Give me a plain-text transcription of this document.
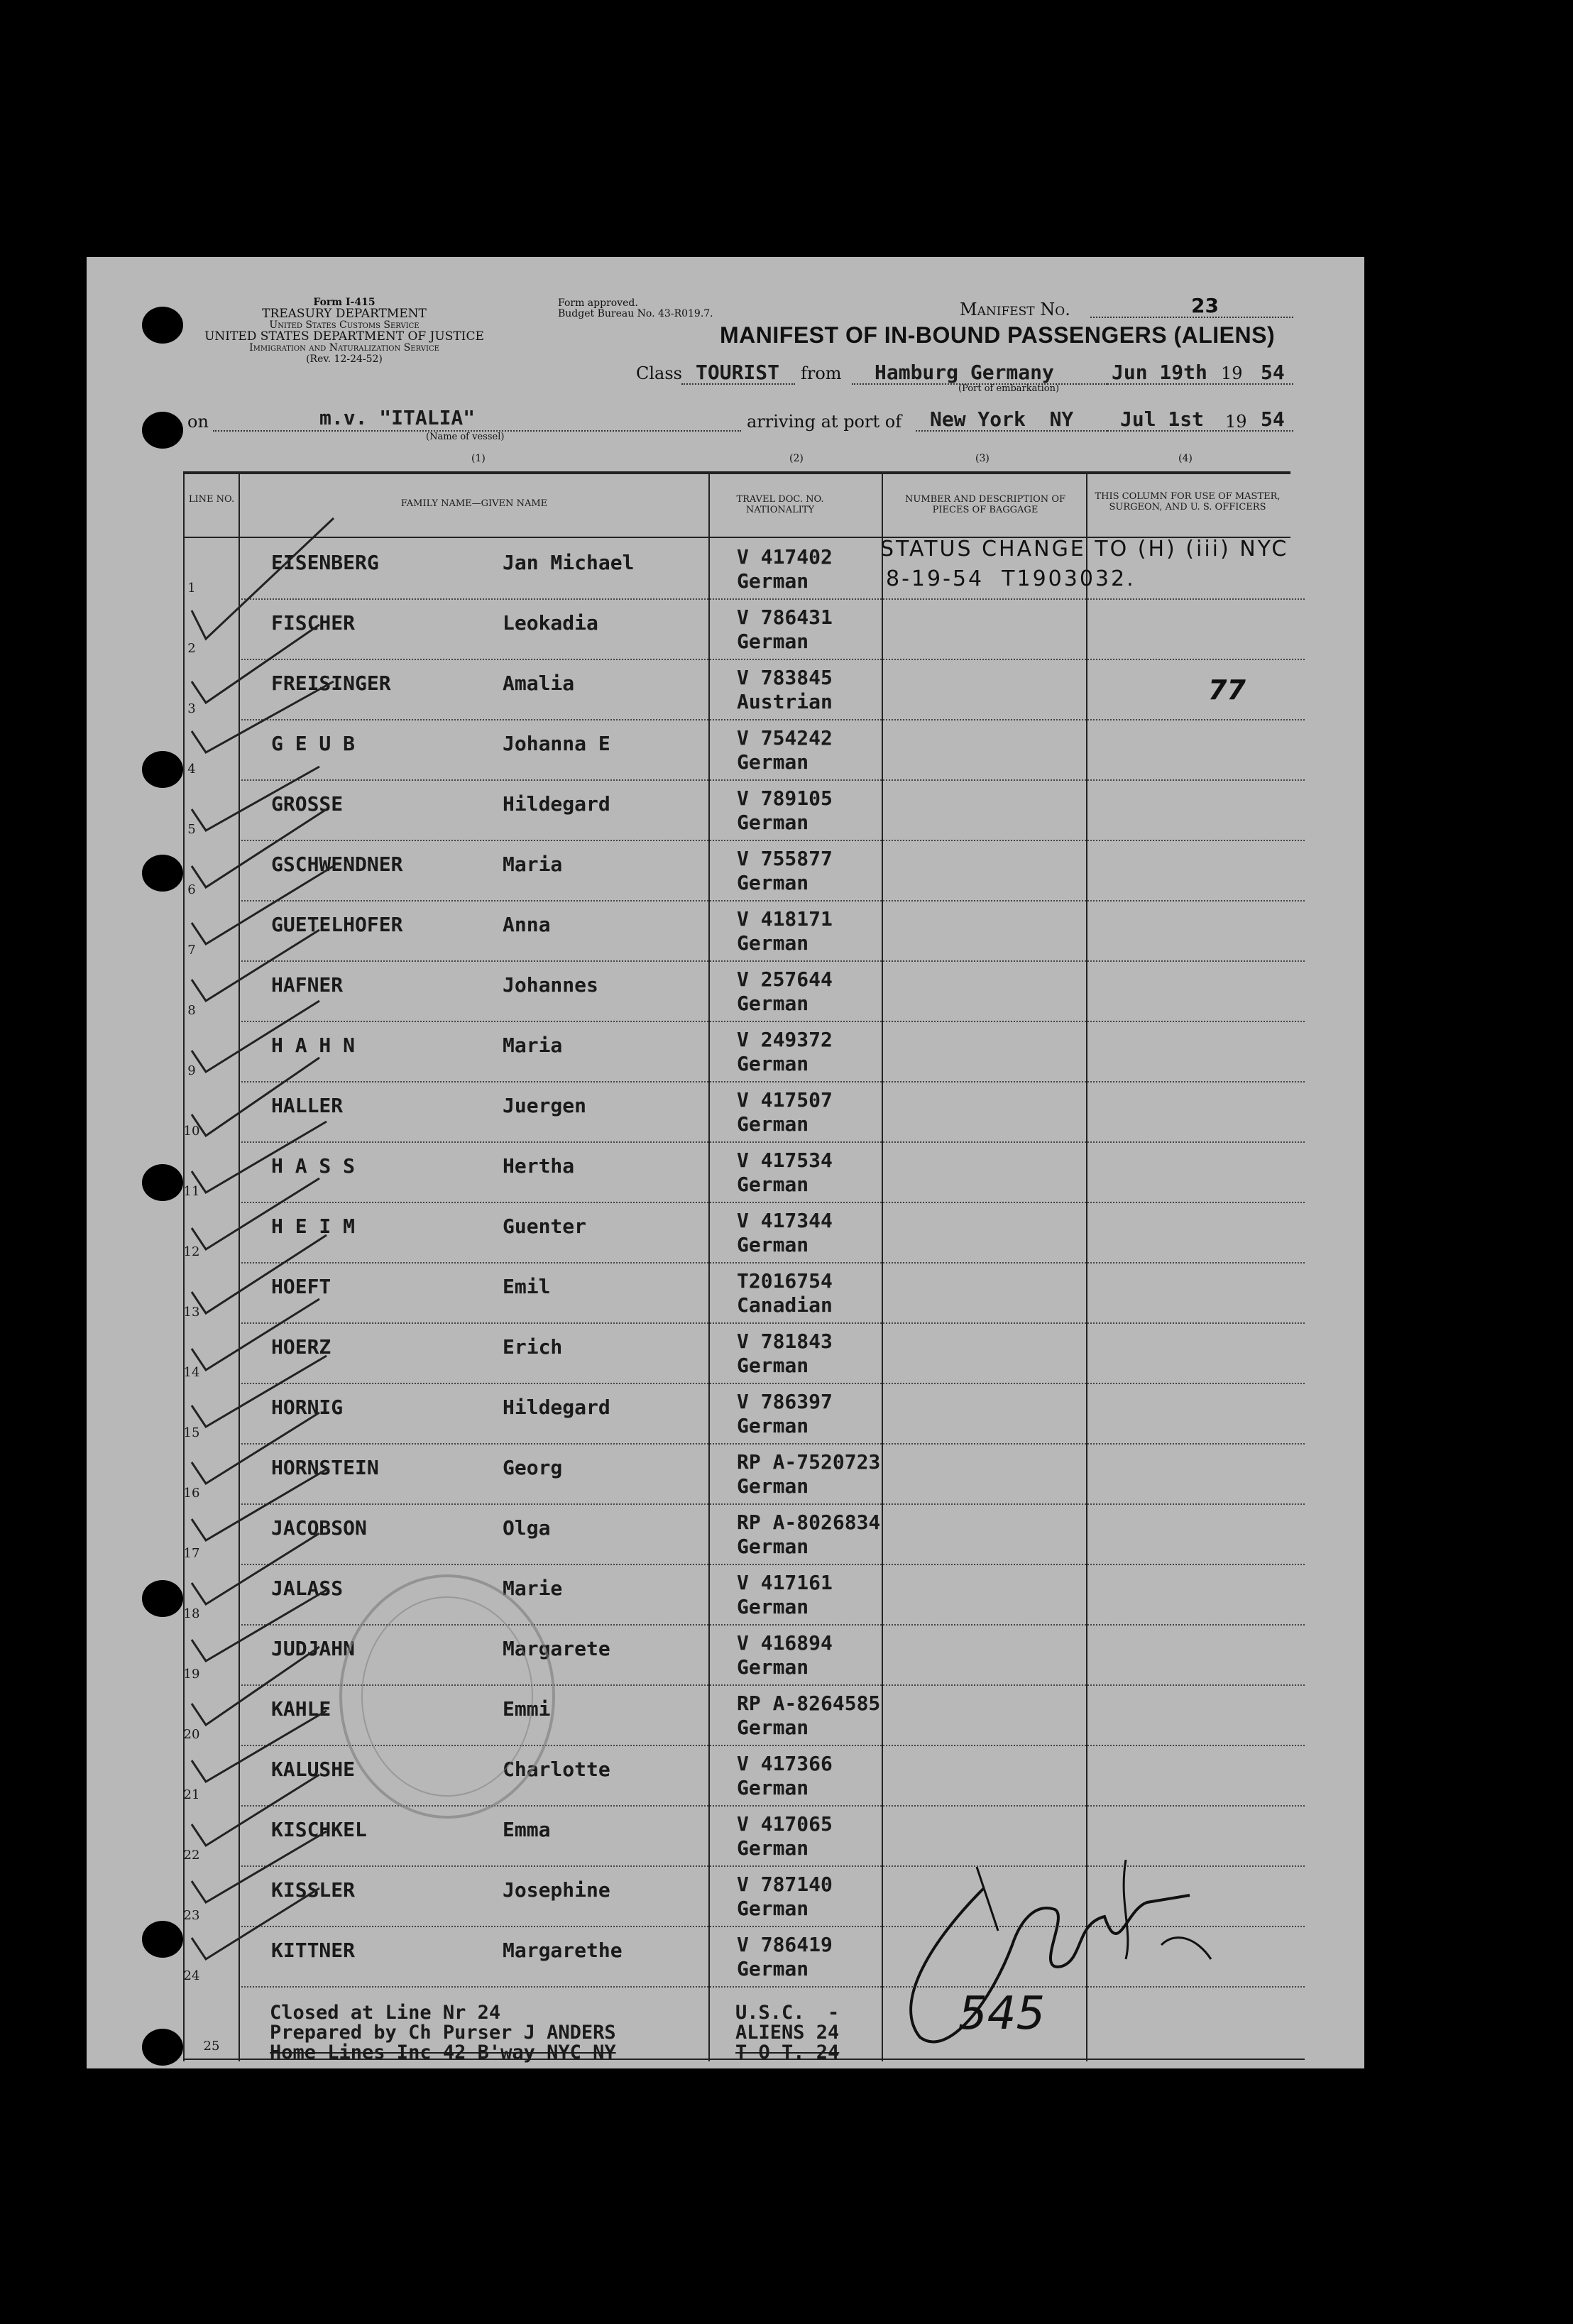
Form I-415
TREASURY DEPARTMENT
United States Customs Service
UNITED STATES DEPARTMENT OF JUSTICE
Immigration and Naturalization Service
(Rev. 12-24-52)
Form approved.
Budget Bureau No. 43-R019.7.	Manifest No.	23
MANIFEST OF IN-BOUND PASSENGERS (ALIENS)
Class TOURIST from Hamburg Germany
(Port of embarkation)
Jun 19th 19 54
on	m.v. "ITALIA"
(Name of vessel)
arriving at port of New York  NY Jul 1st 19 54
(1)	(2)	(3)	(4)
LINE NO.	FAMILY NAME—GIVEN NAME	TRAVEL DOC. NO. NATIONALITY
NUMBER AND DESCRIPTION OF PIECES OF BAGGAGE
THIS COLUMN FOR USE OF MASTER, SURGEON, AND U. S. OFFICERS
1
EISENBERG	Jan Michael	V 417402
German
2
FISCHER	Leokadia	V 786431
German
3
FREISINGER	Amalia	V 783845
Austrian
4
G E U B	Johanna E	V 754242
German
5
GROSSE	Hildegard	V 789105
German
6
GSCHWENDNER	Maria	V 755877
German
7
GUETELHOFER	Anna	V 418171
German
8
HAFNER	Johannes	V 257644
German
9
H A H N	Maria	V 249372
German
10
HALLER	Juergen	V 417507
German
11
H A S S	Hertha	V 417534
German
12
H E I M	Guenter	V 417344
German
13
HOEFT	Emil	T2016754
Canadian
14
HOERZ	Erich	V 781843
German
15
HORNIG	Hildegard	V 786397
German
16
HORNSTEIN	Georg	RP A-7520723
German
17
JACOBSON	Olga	RP A-8026834
German
18
JALASS	Marie	V 417161
German
19
JUDJAHN	Margarete	V 416894
German
20
KAHLE	Emmi	RP A-8264585
German
21
KALUSHE	Charlotte	V 417366
German
22
KISCHKEL	Emma	V 417065
German
23
KISSLER	Josephine	V 787140
German
24
KITTNER	Margarethe	V 786419
German
25
Closed at Line Nr 24
Prepared by Ch Purser J ANDERS
Home Lines Inc 42 B'way NYC NY
U.S.C.  -
ALIENS 24
T O T. 24
STATUS CHANGE TO (H) (iii) NYC
8-19-54  T1903032.
77
545
